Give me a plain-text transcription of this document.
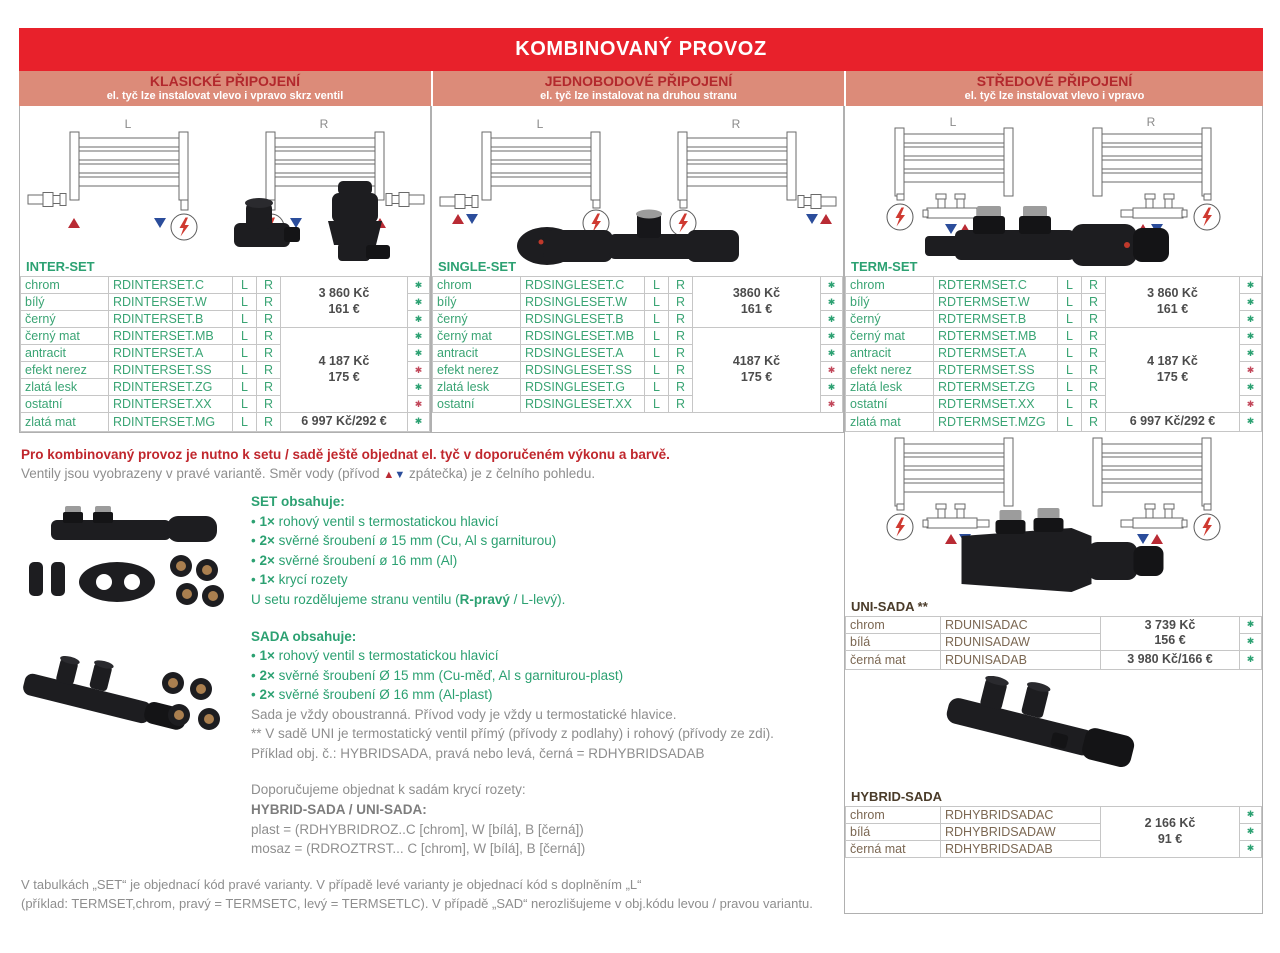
KOMBINOVANÝ PROVOZ
KLASICKÉ PŘIPOJENÍ
el. tyč lze instalovat vlevo i vpravo skrz ventil
L	R
INTER-SET
chrom	RDINTERSET.C	L	R	3 860 Kč
161 €	✱
bílý	RDINTERSET.W	L	R		✱
černý	RDINTERSET.B	L	R		✱
černý mat	RDINTERSET.MB	L	R	4 187 Kč
175 €	✱
antracit	RDINTERSET.A	L	R		✱
efekt nerez	RDINTERSET.SS	L	R		✱
zlatá lesk	RDINTERSET.ZG	L	R		✱
ostatní	RDINTERSET.XX	L	R		✱
zlatá mat	RDINTERSET.MG	L	R	6 997 Kč/292 €	✱
JEDNOBODOVÉ PŘIPOJENÍ
el. tyč lze instalovat na druhou stranu
L	R
SINGLE-SET
chrom	RDSINGLESET.C	L	R	3860 Kč
161 €	✱
bílý	RDSINGLESET.W	L	R		✱
černý	RDSINGLESET.B	L	R		✱
černý mat	RDSINGLESET.MB	L	R	4187 Kč
175 €	✱
antracit	RDSINGLESET.A	L	R		✱
efekt nerez	RDSINGLESET.SS	L	R		✱
zlatá lesk	RDSINGLESET.G	L	R		✱
ostatní	RDSINGLESET.XX	L	R		✱
STŘEDOVÉ PŘIPOJENÍ
el. tyč lze instalovat vlevo i vpravo
L	R
TERM-SET
chrom	RDTERMSET.C	L	R	3 860 Kč
161 €	✱
bílý	RDTERMSET.W	L	R		✱
černý	RDTERMSET.B	L	R		✱
černý mat	RDTERMSET.MB	L	R	4 187 Kč
175 €	✱
antracit	RDTERMSET.A	L	R		✱
efekt nerez	RDTERMSET.SS	L	R		✱
zlatá lesk	RDTERMSET.ZG	L	R		✱
ostatní	RDTERMSET.XX	L	R		✱
zlatá mat	RDTERMSET.MZG	L	R	6 997 Kč/292 €	✱
UNI-SADA **
chrom	RDUNISADAC	3 739 Kč
156 €	✱
bílá	RDUNISADAW		✱
černá mat	RDUNISADAB	3 980 Kč/166 €	✱
HYBRID-SADA
chrom	RDHYBRIDSADAC	2 166 Kč
91 €	✱
bílá	RDHYBRIDSADAW		✱
černá mat	RDHYBRIDSADAB		✱
Pro kombinovaný provoz je nutno k setu / sadě ještě objednat el. tyč v doporučeném výkonu a barvě.
Ventily jsou vyobrazeny v pravé variantě. Směr vody (přívod ▲▼ zpátečka) je z čelního pohledu.

SET obsahuje:
• 1× rohový ventil s termostatickou hlavicí
• 2× svěrné šroubení ø 15 mm (Cu, Al s garniturou)
• 2× svěrné šroubení ø 16 mm (Al)
• 1× krycí rozety
U setu rozdělujeme stranu ventilu (R-pravý / L-levý).
SADA obsahuje:
• 1× rohový ventil s termostatickou hlavicí
• 2× svěrné šroubení Ø 15 mm (Cu-měď, Al s garniturou-plast)
• 2× svěrné šroubení Ø 16 mm (Al-plast)
Sada je vždy oboustranná. Přívod vody je vždy u termostatické hlavice.
** V sadě UNI je termostatický ventil přímý (přívody z podlahy) i rohový (přívody ze zdi).
Příklad obj. č.: HYBRIDSADA, pravá nebo levá, černá = RDHYBRIDSADAB
Doporučujeme objednat k sadám krycí rozety:
HYBRID-SADA / UNI-SADA:
plast = (RDHYBRIDROZ..C [chrom], W [bílá], B [černá])
mosaz = (RDROZTRST... C [chrom], W [bílá], B [černá])
V tabulkách „SET“ je objednací kód pravé varianty. V případě levé varianty je objednací kód s doplněním „L“
(příklad: TERMSET,chrom, pravý = TERMSETC, levý = TERMSETLC). V případě „SAD“ nerozlišujeme v obj.kódu levou / pravou variantu.
